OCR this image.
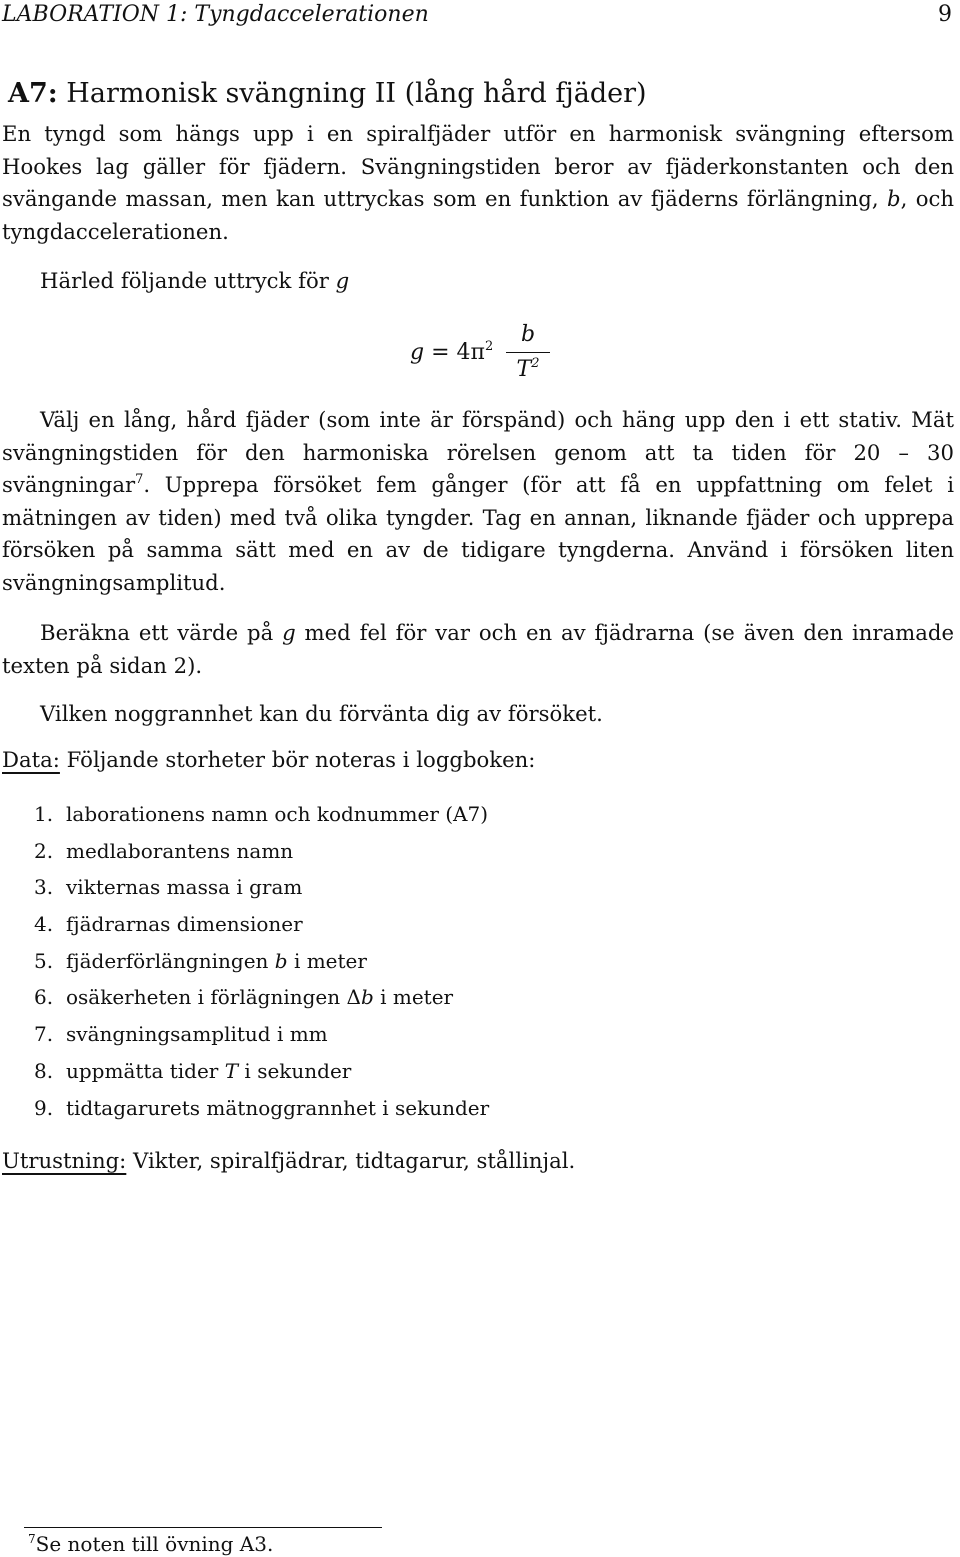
LABORATION 1: Tyngdaccelerationen	9
A7: Harmonisk svängning II (lång hård fjäder)
En tyngd som hängs upp i en spiralfjäder utför en harmonisk svängning eftersom Hookes lag gäller för fjädern. Svängningstiden beror av fjäderkonstanten och den svängande massan, men kan uttryckas som en funktion av fjäderns förlängning, b, och tyngdaccelerationen.
Härled följande uttryck för g
$g = 4\pi^2$	b
$T^2$
Välj en lång, hård fjäder (som inte är förspänd) och häng upp den i ett stativ. Mät svängningstiden för den harmoniska rörelsen genom att ta tiden för 20 – 30 svängningar$^7$. Upprepa försöket fem gånger (för att få en uppfattning om felet i mätningen av tiden) med två olika tyngder. Tag en annan, liknande fjäder och upprepa försöken på samma sätt med en av de tidigare tyngderna. Använd i försöken liten svängningsamplitud.
Beräkna ett värde på g med fel för var och en av fjädrarna (se även den inramade texten på sidan 2).
Vilken noggrannhet kan du förvänta dig av försöket.
Data: Följande storheter bör noteras i loggboken:
1. laborationens namn och kodnummer (A7)
2. medlaborantens namn
3. vikternas massa i gram
4. fjädrarnas dimensioner
5. fjäderförlängningen b i meter
6. osäkerheten i förlägningen Δb i meter
7. svängningsamplitud i mm
8. uppmätta tider T i sekunder
9. tidtagarurets mätnoggrannhet i sekunder
Utrustning: Vikter, spiralfjädrar, tidtagarur, stållinjal.
$^7$Se noten till övning A3.
